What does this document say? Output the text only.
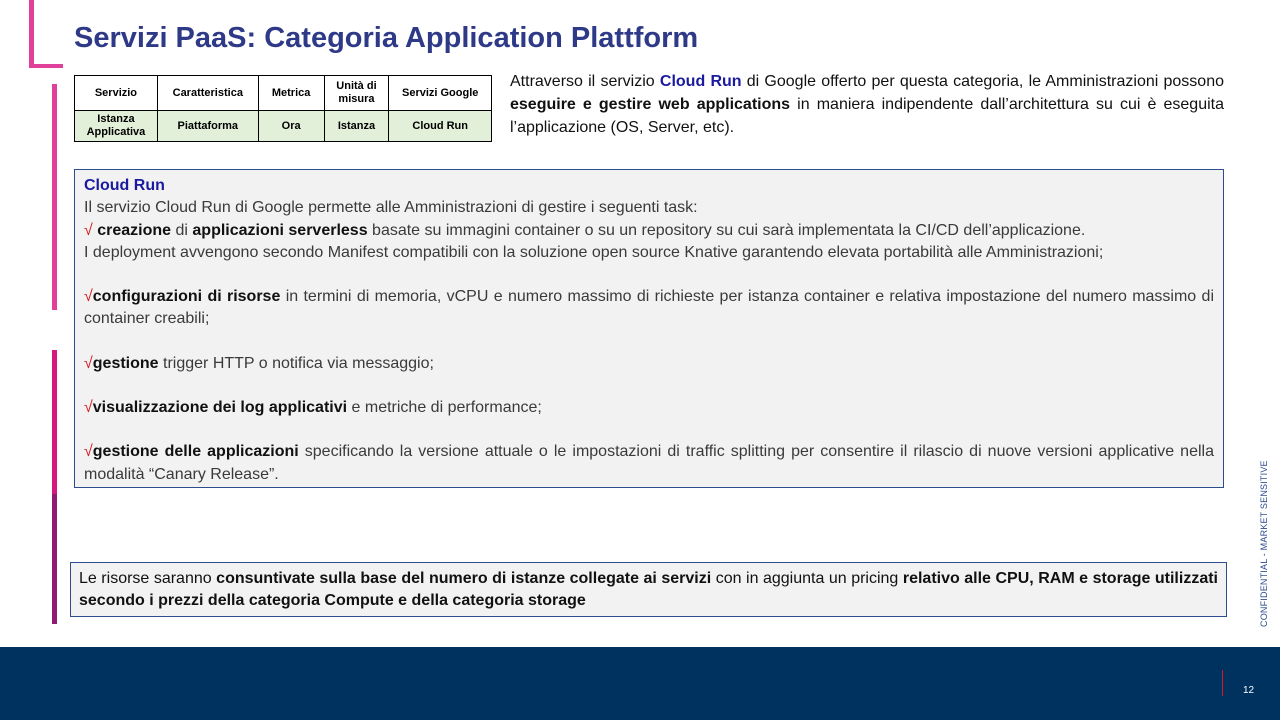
Servizi PaaS: Categoria Application Plattform
Servizio	Caratteristica	Metrica	Unità di misura	Servizi Google
Istanza Applicativa	Piattaforma	Ora	Istanza	Cloud Run

Attraverso il servizio Cloud Run di Google offerto per questa categoria, le Amministrazioni possono eseguire e gestire web applications in maniera indipendente dall’architettura su cui è eseguita l’applicazione (OS, Server, etc).

Cloud Run

Il servizio Cloud Run di Google permette alle Amministrazioni di gestire i seguenti task:

√ creazione di applicazioni serverless basate su immagini container o su un repository su cui sarà implementata la CI/CD dell’applicazione.

I deployment avvengono secondo Manifest compatibili con la soluzione open source Knative garantendo elevata portabilità alle Amministrazioni;

√configurazioni di risorse in termini di memoria, vCPU e numero massimo di richieste per istanza container e relativa impostazione del numero massimo di container creabili;

√gestione trigger HTTP o notifica via messaggio;

√visualizzazione dei log applicativi e metriche di performance;

√gestione delle applicazioni specificando la versione attuale o le impostazioni di traffic splitting per consentire il rilascio di nuove versioni applicative nella modalità “Canary Release”.

Le risorse saranno consuntivate sulla base del numero di istanze collegate ai servizi con in aggiunta un pricing relativo alle CPU, RAM e storage utilizzati secondo i prezzi della categoria Compute e della categoria storage	CONFIDENTIAL - MARKET SENSITIVE
12
